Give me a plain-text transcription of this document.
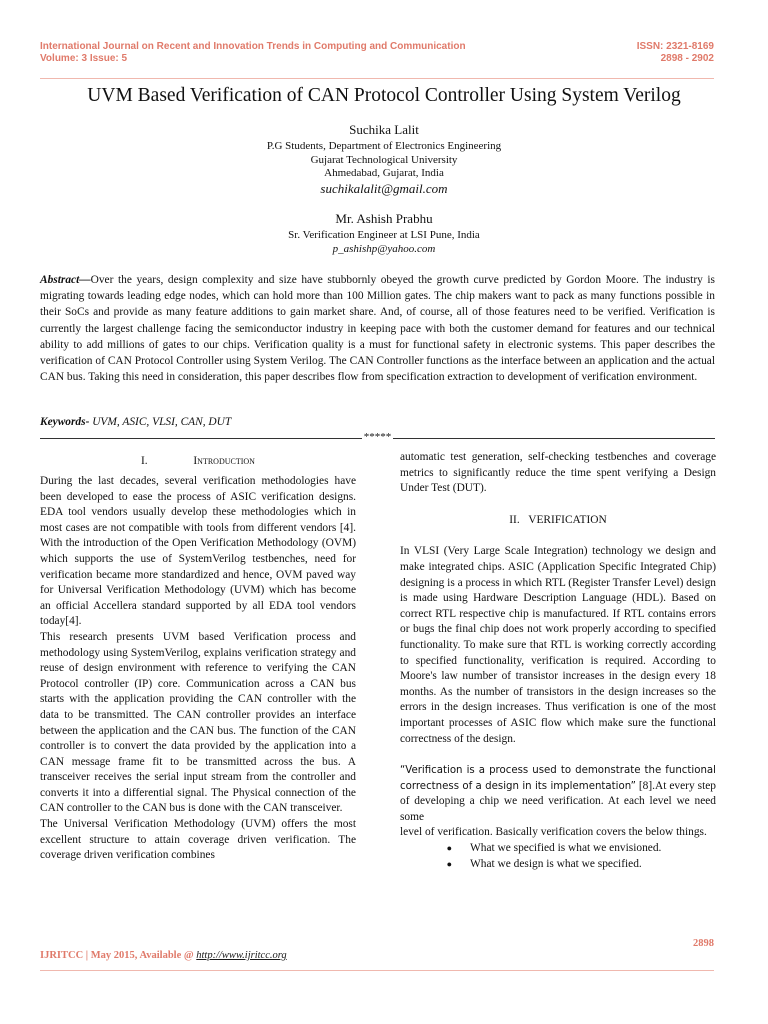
International Journal on Recent and Innovation Trends in Computing and Communication
Volume: 3 Issue: 5
ISSN: 2321-8169
2898 - 2902
UVM Based Verification of CAN Protocol Controller Using System Verilog
Suchika Lalit
P.G Students, Department of Electronics Engineering
Gujarat Technological University
Ahmedabad, Gujarat, India
suchikalalit@gmail.com
Mr. Ashish Prabhu
Sr. Verification Engineer at LSI Pune, India
p_ashishp@yahoo.com
Abstract—Over the years, design complexity and size have stubbornly obeyed the growth curve predicted by Gordon Moore. The industry is migrating towards leading edge nodes, which can hold more than 100 Million gates. The chip makers want to pack as many functions possible in their SoCs and provide as many feature additions to gain market share. And, of course, all of those features need to be verified. Verification is currently the largest challenge facing the semiconductor industry in keeping pace with both the customer demand for features and our technical ability to add millions of gates to our chips. Verification quality is a must for functional safety in electronic systems. This paper describes the verification of CAN Protocol Controller using System Verilog. The CAN Controller functions as the interface between an application and the actual CAN bus. Taking this need in consideration, this paper describes flow from specification extraction to development of verification environment.
Keywords- UVM, ASIC, VLSI, CAN, DUT
*****
I.	Introduction

During the last decades, several verification methodologies have been developed to ease the process of ASIC verification designs. EDA tool vendors usually develop these methodologies which in most cases are not compatible with tools from different vendors [4]. With the introduction of the Open Verification Methodology (OVM) which supports the use of SystemVerilog testbenches, need for verification became more standardized and hence, OVM paved way for Universal Verification Methodology (UVM) which has become an official Accellera standard supported by all EDA tool vendors today[4].

This research presents UVM based Verification process and methodology using SystemVerilog, explains verification strategy and reuse of design environment with reference to verifying the CAN Protocol controller (IP) core. Communication across a CAN bus starts with the application providing the CAN controller with the data to be transmitted. The CAN controller provides an interface between the application and the CAN bus. The function of the CAN controller is to convert the data provided by the application into a CAN message frame fit to be transmitted across the bus. A transceiver receives the serial input stream from the controller and converts it into a differential signal. The Physical connection of the CAN controller to the CAN bus is done with the CAN transceiver.

The Universal Verification Methodology (UVM) offers the most excellent structure to attain coverage driven verification. The coverage driven verification combines

automatic test generation, self-checking testbenches and coverage metrics to significantly reduce the time spent verifying a Design Under Test (DUT).

II. VERIFICATION

In VLSI (Very Large Scale Integration) technology we design and make integrated chips. ASIC (Application Specific Integrated Chip) designing is a process in which RTL (Register Transfer Level) design is made using Hardware Description Language (HDL). Based on correct RTL respective chip is manufactured. If RTL contains errors or bugs the final chip does not work properly according to specified functionality. To make sure that RTL is working correctly according to specified functionality, verification is required. According to Moore's law number of transistor increases in the design every 18 months. As the number of transistors in the design increases so the errors in the design increases. Thus verification is one of the most important processes of ASIC flow which make sure the functional correctness of the design.

“Verification is a process used to demonstrate the functional correctness of a design in its implementation” [8].At every step of developing a chip we need verification. At each level we need some

level of verification. Basically verification covers the below things.

●	What we specified is what we envisioned.
●	What we design is what we specified.
2898
IJRITCC | May 2015, Available @ http://www.ijritcc.org
